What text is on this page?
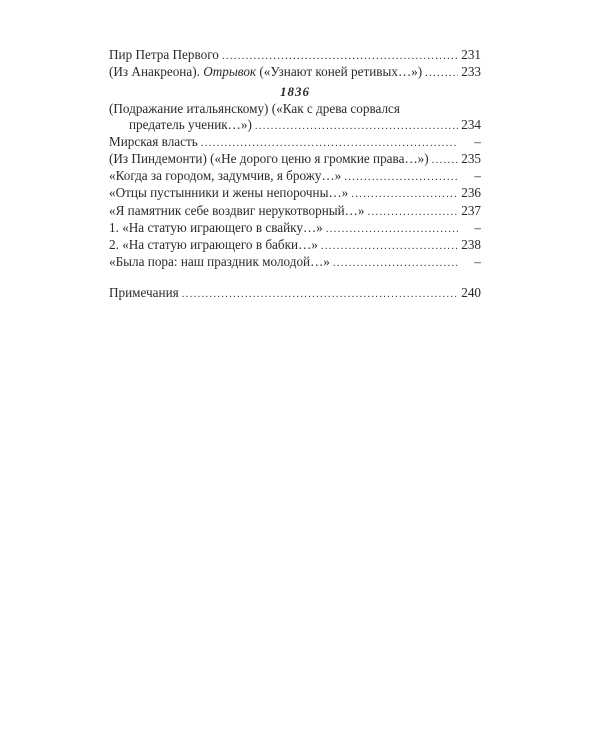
Пир Петра Первого .....	231
(Из Анакреона). Отрывок («Узнают коней ретивых…») .....	233
1836
(Подражание итальянскому) («Как с древа сорвался
предатель ученик…») .....	234
Мирская власть .....	–
(Из Пиндемонти) («Не дорого ценю я громкие права…») ..... 235
«Когда за городом, задумчив, я брожу…» .....	–
«Отцы пустынники и жены непорочны…» .....	236
«Я памятник себе воздвиг нерукотворный…» .....	237
1. «На статую играющего в свайку…» .....	–
2. «На статую играющего в бабки…» .....	238
«Была пора: наш праздник молодой…» .....	–
Примечания .....	240
